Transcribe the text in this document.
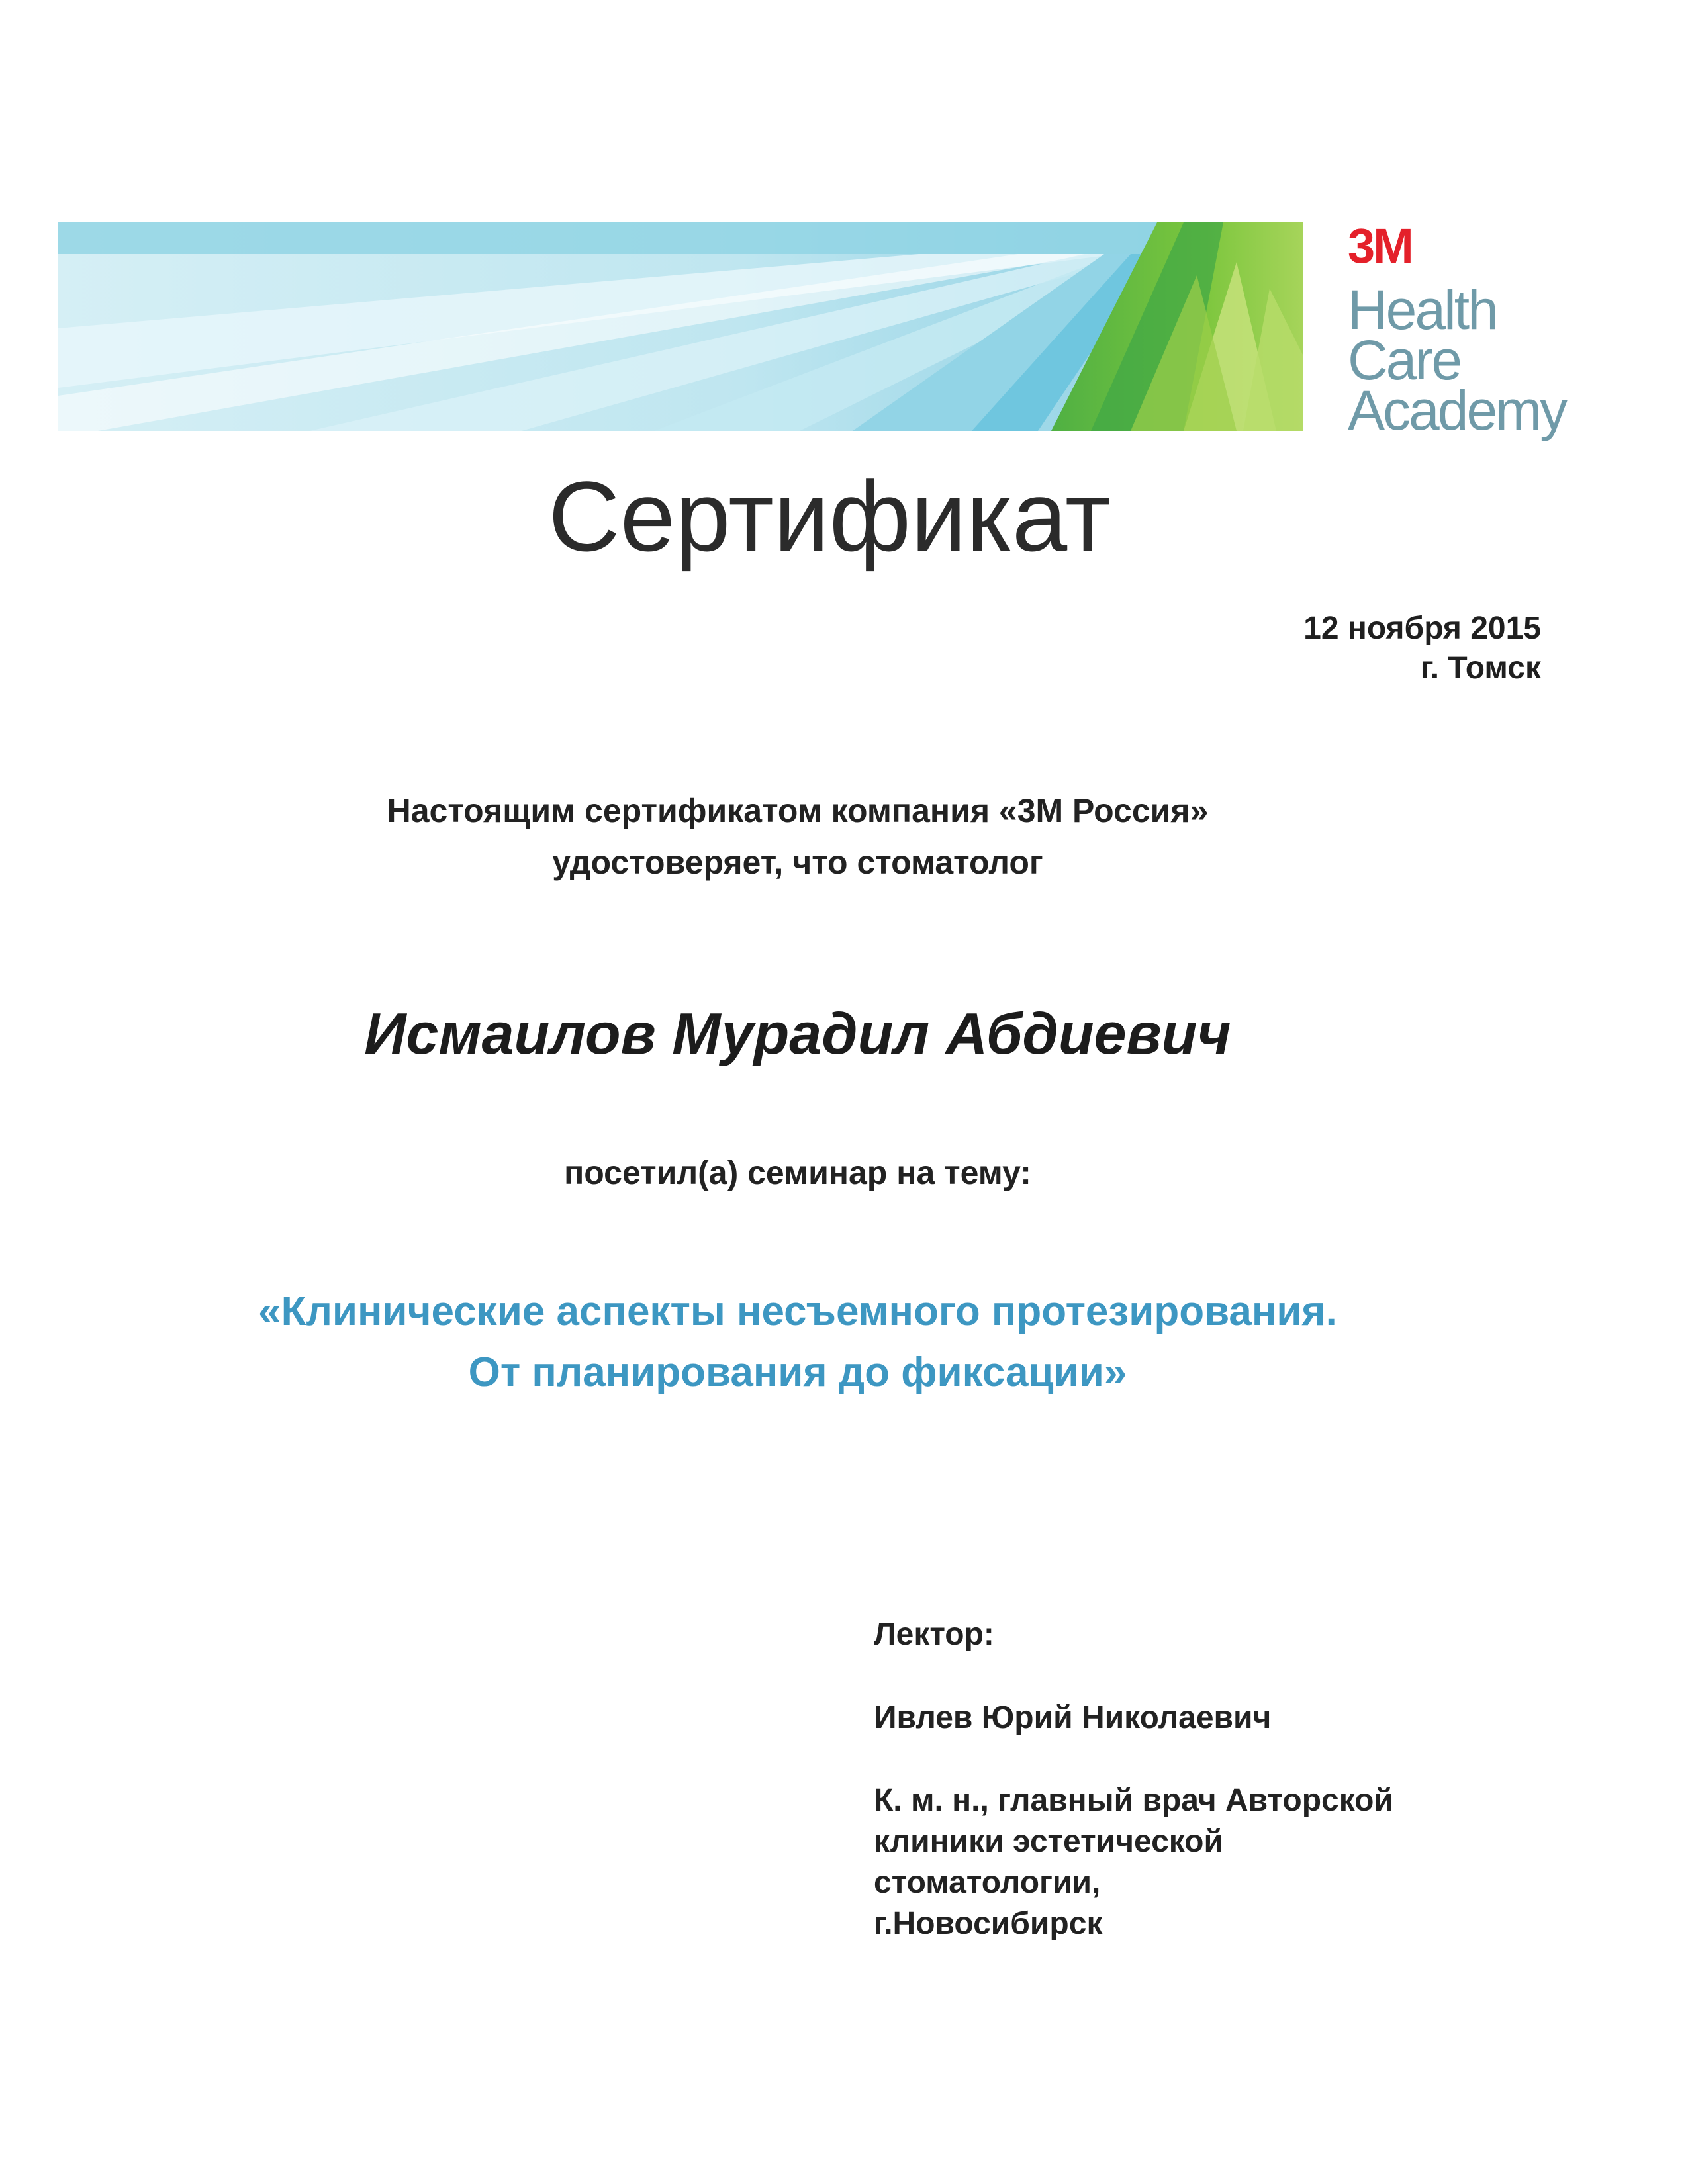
3M
Health
Care
Academy
Сертификат
12 ноября 2015
г. Томск
Настоящим сертификатом компания «3М Россия»
удостоверяет, что стоматолог
Исмаилов Мурадил Абдиевич
посетил(а) семинар на тему:
«Клинические аспекты несъемного протезирования.
От планирования до фиксации»
Лектор:
Ивлев Юрий Николаевич
К. м. н., главный врач Авторской
клиники эстетической
стоматологии,
г.Новосибирск
